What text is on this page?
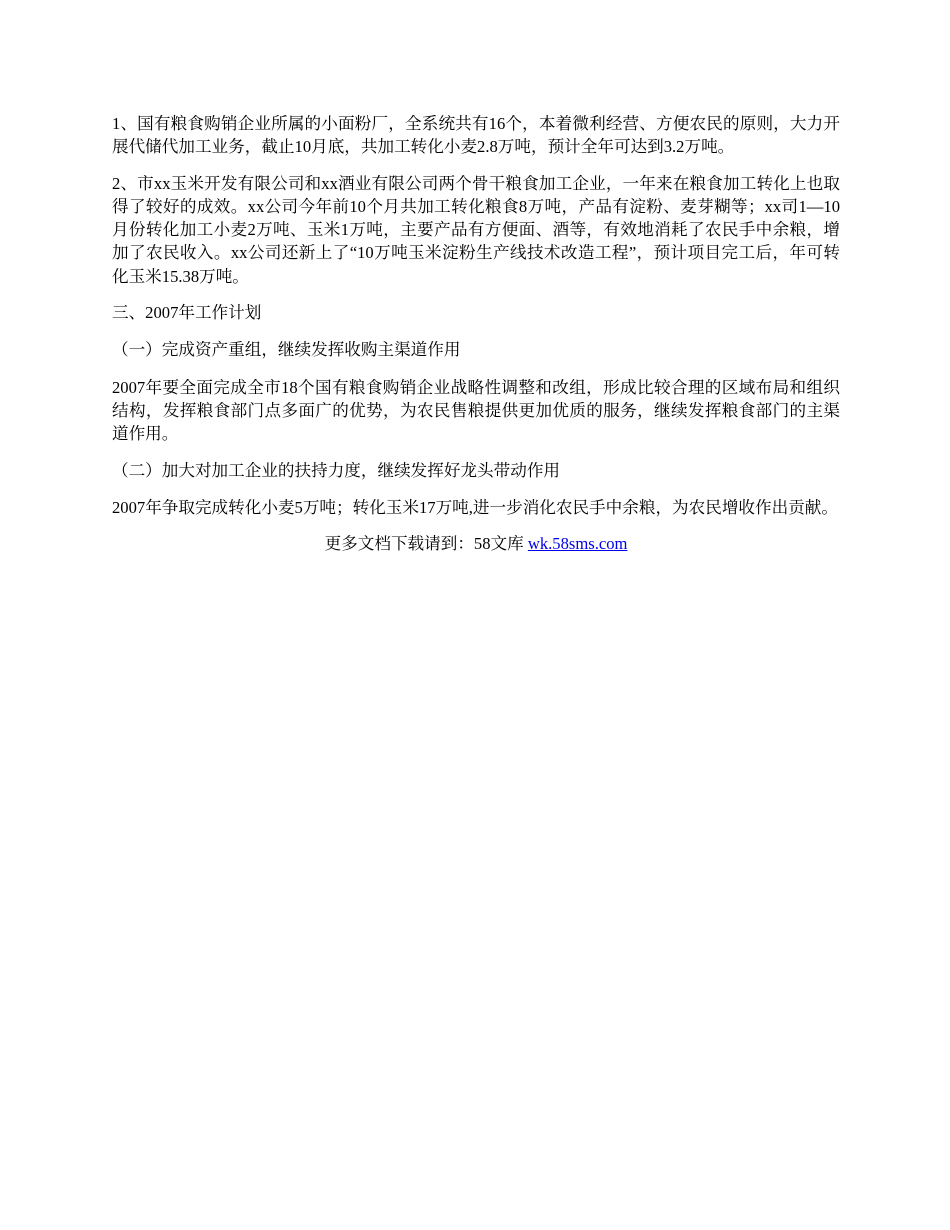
1、国有粮食购销企业所属的小面粉厂，全系统共有16个，本着微利经营、方便农民的原则，大力开展代储代加工业务，截止10月底，共加工转化小麦2.8万吨，预计全年可达到3.2万吨。

2、市xx玉米开发有限公司和xx酒业有限公司两个骨干粮食加工企业，一年来在粮食加工转化上也取得了较好的成效。xx公司今年前10个月共加工转化粮食8万吨，产品有淀粉、麦芽糊等；xx司1—10月份转化加工小麦2万吨、玉米1万吨，主要产品有方便面、酒等，有效地消耗了农民手中余粮，增加了农民收入。xx公司还新上了“10万吨玉米淀粉生产线技术改造工程”，预计项目完工后，年可转化玉米15.38万吨。

三、2007年工作计划

（一）完成资产重组，继续发挥收购主渠道作用

2007年要全面完成全市18个国有粮食购销企业战略性调整和改组，形成比较合理的区域布局和组织结构，发挥粮食部门点多面广的优势，为农民售粮提供更加优质的服务，继续发挥粮食部门的主渠道作用。

（二）加大对加工企业的扶持力度，继续发挥好龙头带动作用

2007年争取完成转化小麦5万吨；转化玉米17万吨,进一步消化农民手中余粮，为农民增收作出贡献。

更多文档下载请到：58文库 wk.58sms.com
